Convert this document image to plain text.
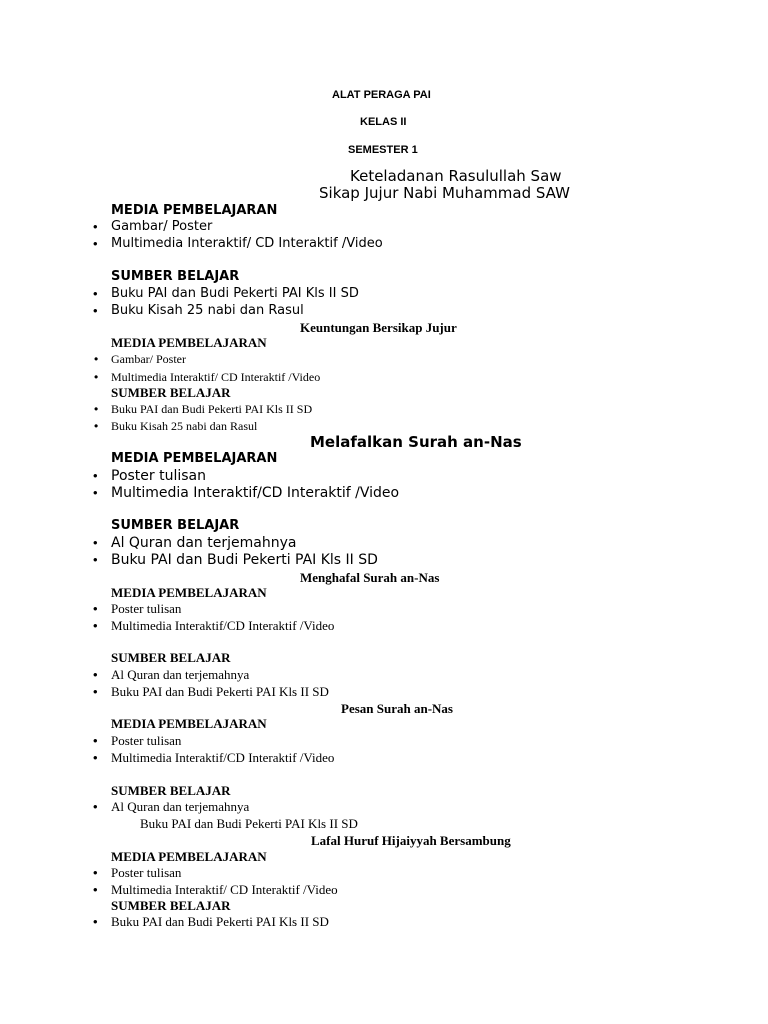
ALAT PERAGA PAI
KELAS II
SEMESTER 1
Keteladanan Rasulullah Saw
Sikap Jujur Nabi Muhammad SAW
MEDIA PEMBELAJARAN
• Gambar/ Poster
• Multimedia Interaktif/ CD Interaktif /Video
SUMBER BELAJAR
• Buku PAI dan Budi Pekerti PAI Kls II SD
• Buku Kisah 25 nabi dan Rasul
Keuntungan Bersikap Jujur
MEDIA PEMBELAJARAN
• Gambar/ Poster
• Multimedia Interaktif/ CD Interaktif /Video
SUMBER BELAJAR
• Buku PAI dan Budi Pekerti PAI Kls II SD
• Buku Kisah 25 nabi dan Rasul
Melafalkan Surah an-Nas
MEDIA PEMBELAJARAN
• Poster tulisan
• Multimedia Interaktif/CD Interaktif /Video
SUMBER BELAJAR
• Al Quran dan terjemahnya
• Buku PAI dan Budi Pekerti PAI Kls II SD
Menghafal Surah an-Nas
MEDIA PEMBELAJARAN
• Poster tulisan
• Multimedia Interaktif/CD Interaktif /Video
SUMBER BELAJAR
• Al Quran dan terjemahnya
• Buku PAI dan Budi Pekerti PAI Kls II SD
Pesan Surah an-Nas
MEDIA PEMBELAJARAN
• Poster tulisan
• Multimedia Interaktif/CD Interaktif /Video
SUMBER BELAJAR
• Al Quran dan terjemahnya
Buku PAI dan Budi Pekerti PAI Kls II SD
Lafal Huruf Hijaiyyah Bersambung
MEDIA PEMBELAJARAN
• Poster tulisan
• Multimedia Interaktif/ CD Interaktif /Video
SUMBER BELAJAR
• Buku PAI dan Budi Pekerti PAI Kls II SD
